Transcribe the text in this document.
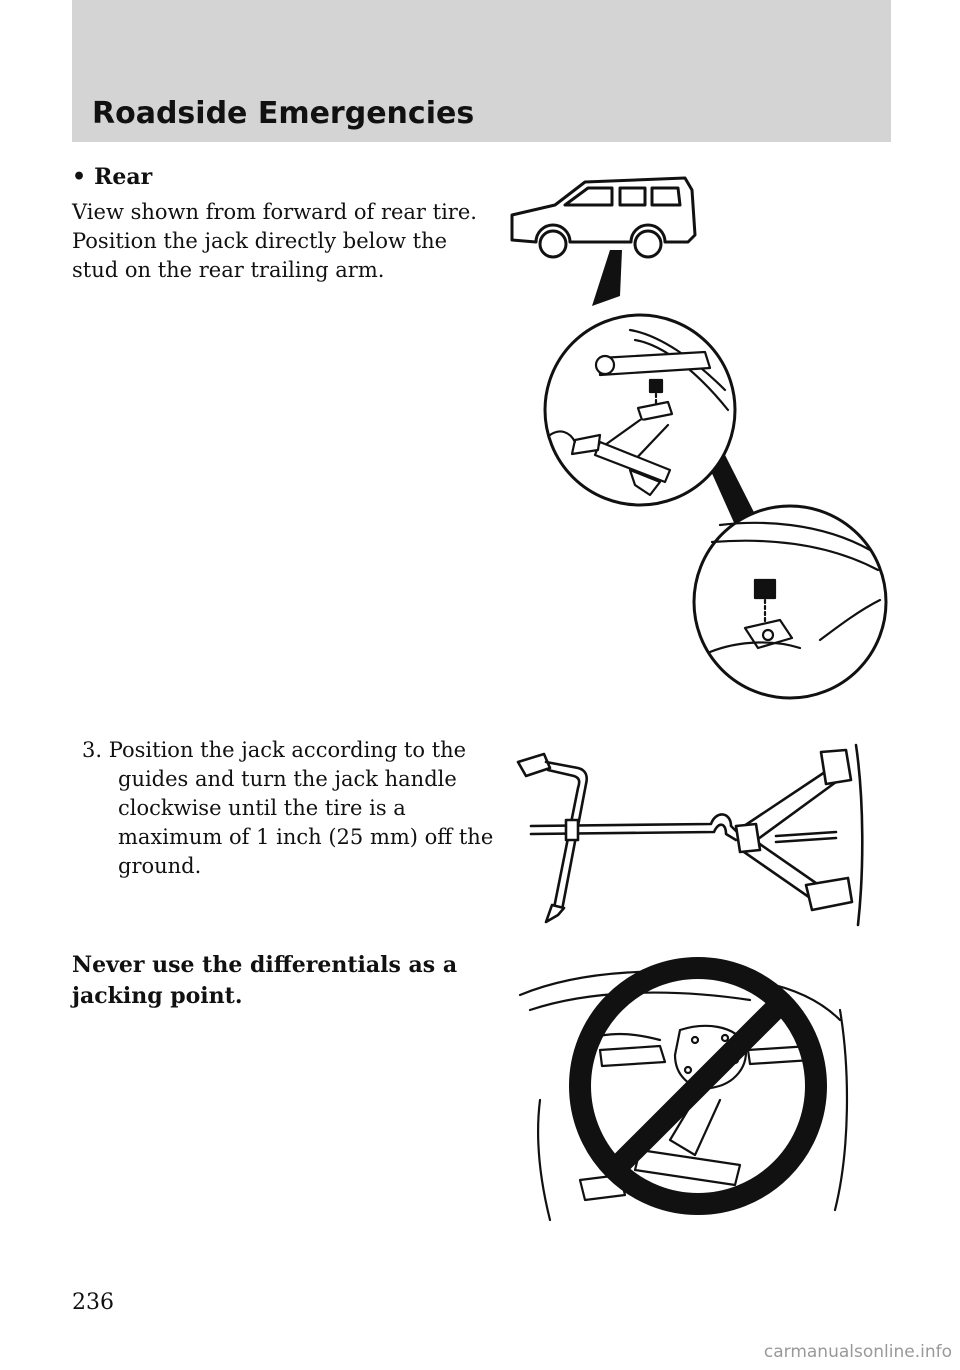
Roadside Emergencies
• Rear
View shown from forward of rear tire. Position the jack directly below the stud on the rear trailing arm.
3. Position the jack according to the guides and turn the jack handle clockwise until the tire is a maximum of 1 inch (25 mm) off the ground.
Never use the differentials as a jacking point.
236
carmanualsonline.info
